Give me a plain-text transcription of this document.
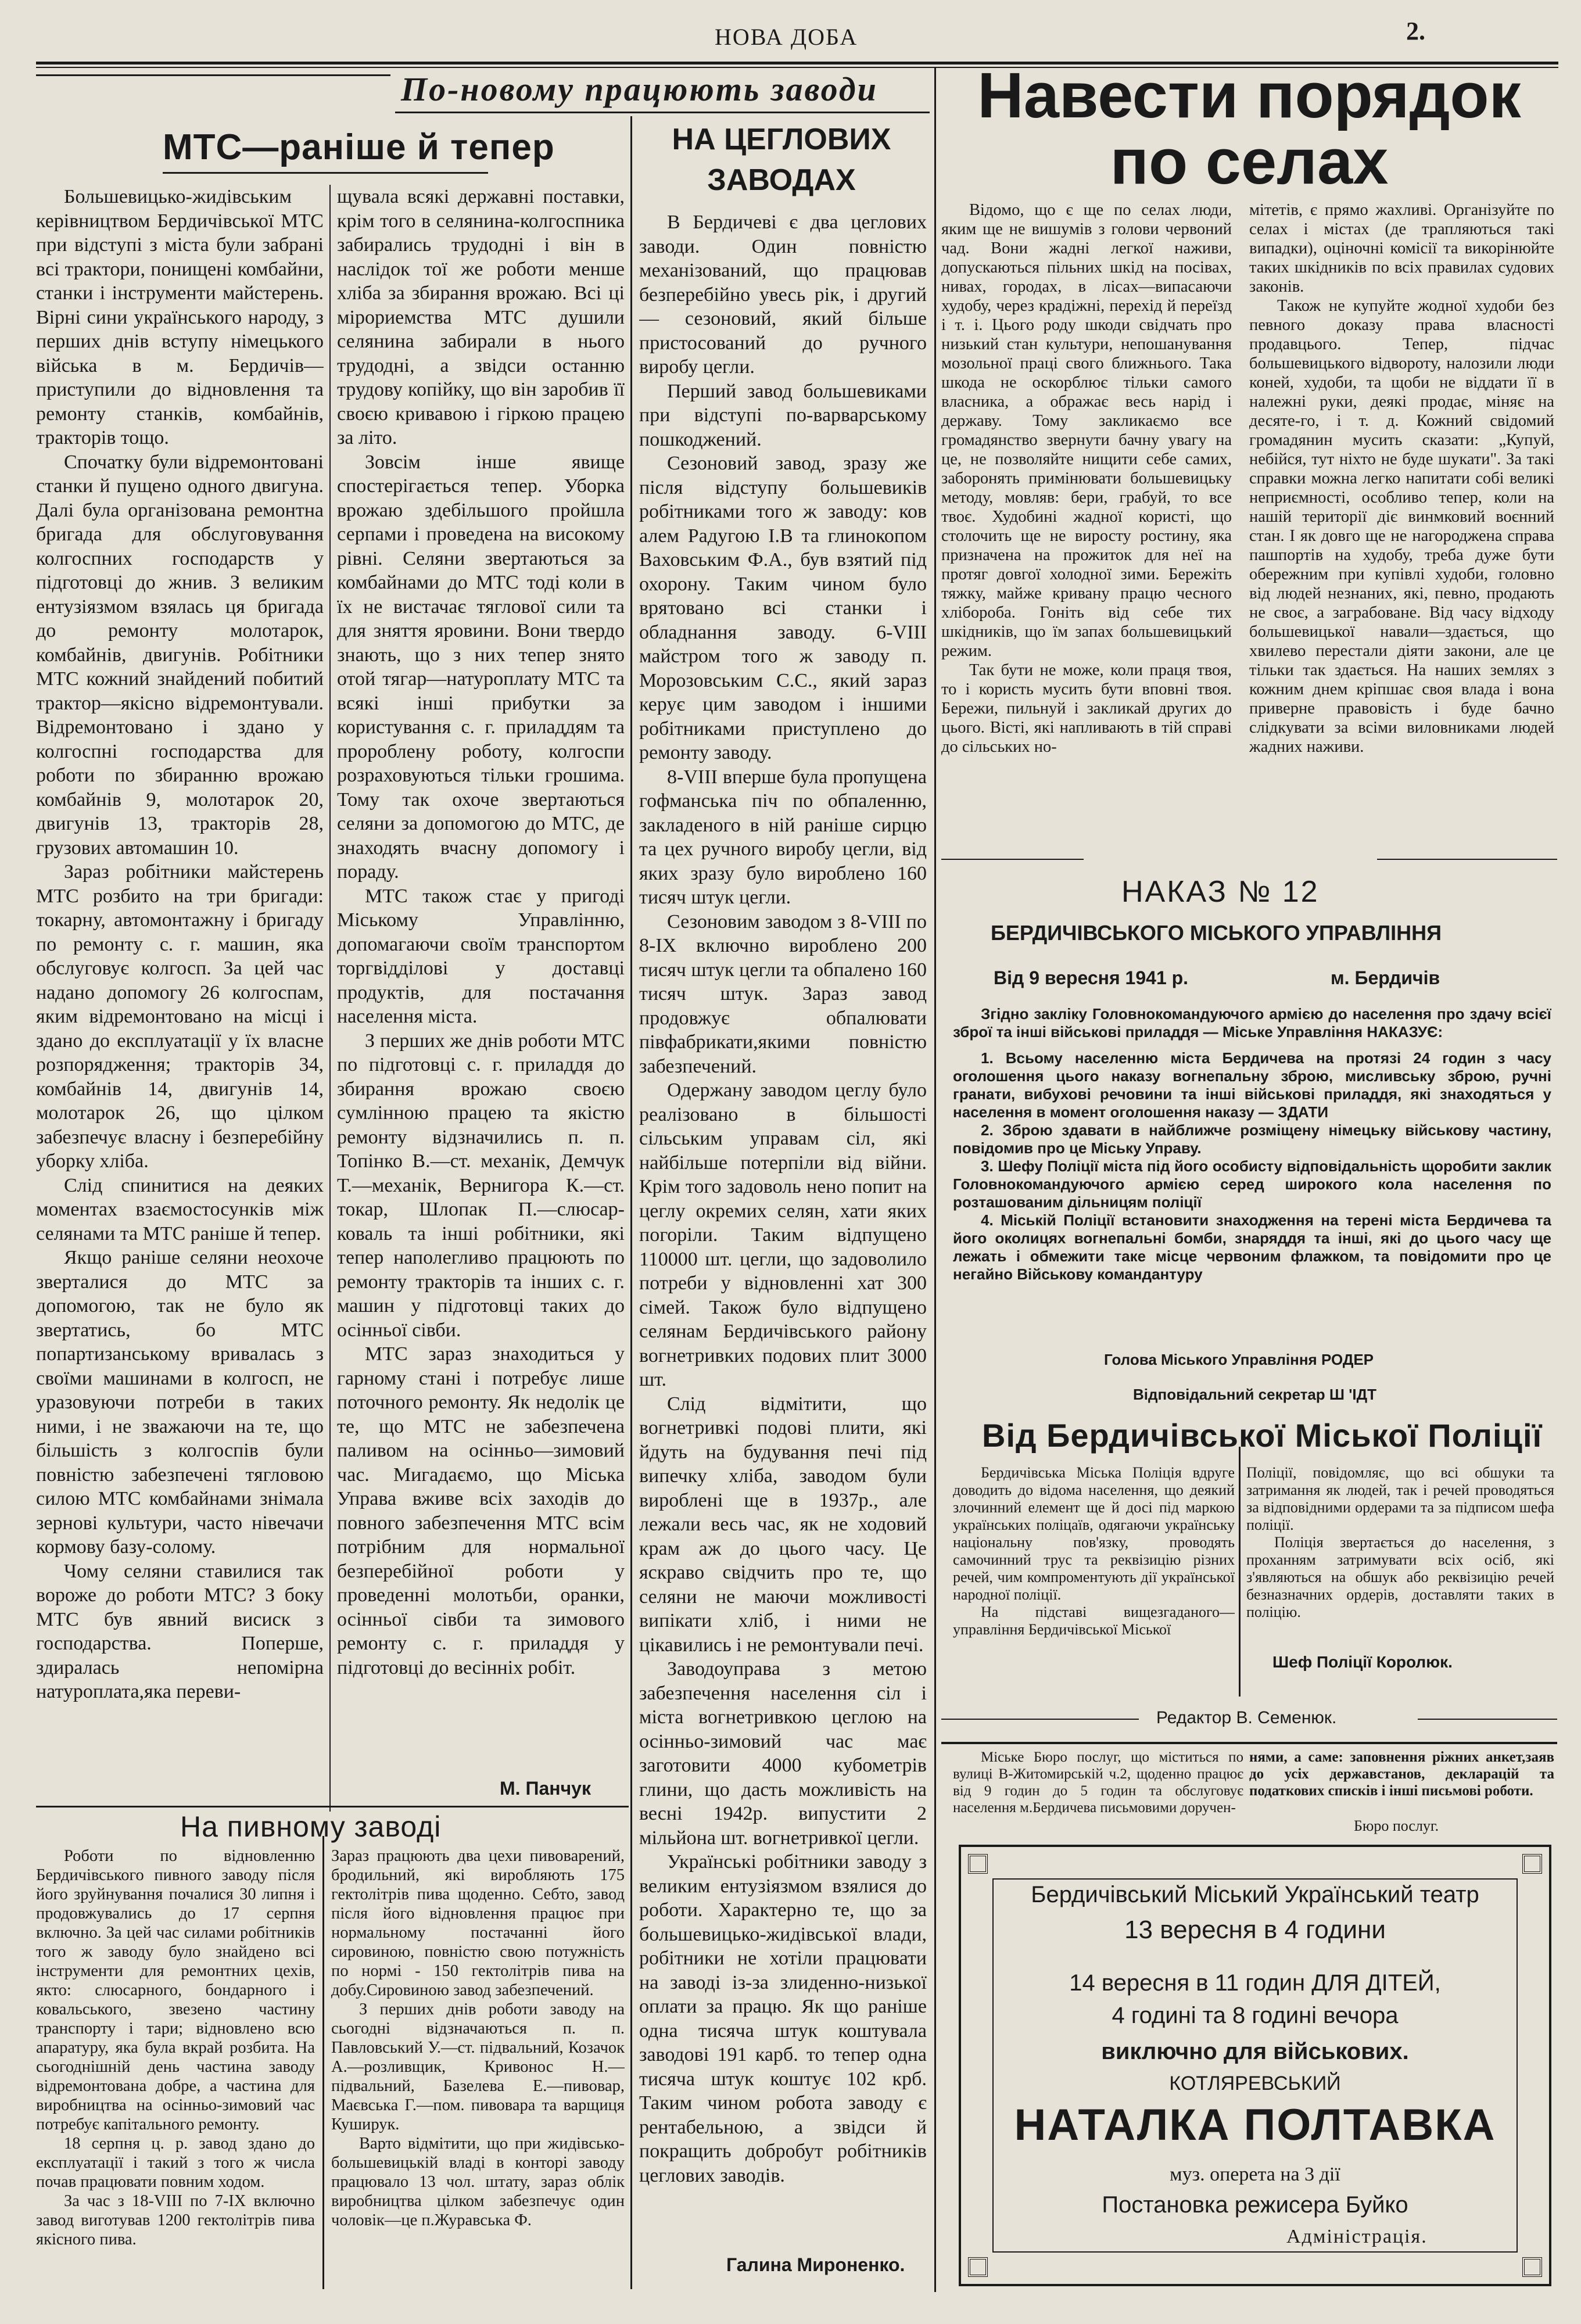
НОВА ДОБА	2.
По-новому працюють заводи
МТС—раніше й тепер

Большевицько-жидівським керівництвом Бердичівської МТС при відступі з міста були забрані всі трактори, понищені комбайни, станки і інструменти майстерень. Вірні сини українського народу, з перших днів вступу німецького війська в м. Бердичів—приступили до відновлення та ремонту станків, комбайнів, тракторів тощо.

Спочатку були відремонтовані станки й пущено одного двигуна. Далі була організована ремонтна бригада для обслуговування колгоспних господарств у підготовці до жнив. З великим ентузіязмом взялась ця бригада до ремонту молотарок, комбайнів, двигунів. Робітники МТС кожний знайдений побитий трактор—якісно відремонтували. Відремонтовано і здано у колгоспні господарства для роботи по збиранню врожаю комбайнів 9, молотарок 20, двигунів 13, тракторів 28, грузових автомашин 10.

Зараз робітники майстерень МТС розбито на три бригади: токарну, автомонтажну і бригаду по ремонту с. г. машин, яка обслуговує колгосп. За цей час надано допомогу 26 колгоспам, яким відремонтовано на місці і здано до експлуатації у їх власне розпорядження; тракторів 34, комбайнів 14, двигунів 14, молотарок 26, що цілком забезпечує власну і безперебійну уборку хліба.

Слід спинитися на деяких моментах взаємостосунків між селянами та МТС раніше й тепер.

Якщо раніше селяни неохоче зверталися до МТС за допомогою, так не було як звертатись, бо МТС попартизанському вривалась з своїми машинами в колгосп, не уразовуючи потреби в таких ними, і не зважаючи на те, що більшість з колгоспів були повністю забезпечені тягловою силою МТС комбайнами знімала зернові культури, часто нівечачи кормову базу-солому.

Чому селяни ставилися так вороже до роботи МТС? З боку МТС був явний висиск з господарства. Поперше, здиралась непомірна натуроплата,яка переви-

щувала всякі державні поставки, крім того в селянина-колгоспника забирались трудодні і він в наслідок тої же роботи менше хліба за збирання врожаю. Всі ці мірориемства МТС душили селянина забирали в нього трудодні, а звідси останню трудову копійку, що він заробив її своєю кривавою і гіркою працею за літо.

Зовсім інше явище спостерігається тепер. Уборка врожаю здебільшого пройшла серпами і проведена на високому рівні. Селяни звертаються за комбайнами до МТС тоді коли в їх не вистачає тяглової сили та для зняття яровини. Вони твердо знають, що з них тепер знято отой тягар—натуроплату МТС та всякі інші прибутки за користування с. г. приладдям та пророблену роботу, колгоспи розраховуються тільки грошима. Тому так охоче звертаються селяни за допомогою до МТС, де знаходять вчасну допомогу і пораду.

МТС також стає у пригоді Міському Управлінню, допомагаючи своїм транспортом торгвідділові у доставці продуктів, для постачання населення міста.

З перших же днів роботи МТС по підготовці с. г. приладдя до збирання врожаю своєю сумлінною працею та якістю ремонту відзначились п. п. Топінко В.—ст. механік, Демчук Т.—механік, Вернигора К.—ст. токар, Шлопак П.—слюсар-коваль та інші робітники, які тепер наполегливо працюють по ремонту тракторів та інших с. г. машин у підготовці таких до осінньої сівби.

МТС зараз знаходиться у гарному стані і потребує лише поточного ремонту. Як недолік це те, що МТС не забезпечена паливом на осінньо—зимовий час. Мигадаємо, що Міська Управа вживе всіх заходів до повного забезпечення МТС всім потрібним для нормальної безперебійної роботи у проведенні молотьби, оранки, осінньої сівби та зимового ремонту с. г. приладдя у підготовці до весінніх робіт.

М. Панчук
На пивному заводі

Роботи по відновленню Бердичівського пивного заводу після його зруйнування почалися 30 липня і продовжувались до 17 серпня включно. За цей час силами робітників того ж заводу було знайдено всі інструменти для ремонтних цехів, якто: слюсарного, бондарного і ковальського, звезено частину транспорту і тари; відновлено всю апаратуру, яка була вкрай розбита. На сьогоднішній день частина заводу відремонтована добре, а частина для виробництва на осінньо-зимовий час потребує капітального ремонту.

18 серпня ц. р. завод здано до експлуатації і такий з того ж числа почав працювати повним ходом.

За час з 18-VIII по 7-IX включно завод виготував 1200 гектолітрів пива якісного пива.

Зараз працюють два цехи пивоварений, бродильний, які виробляють 175 гектолітрів пива щоденно. Себто, завод після його відновлення працює при нормальному постачанні його сировиною, повністю свою потужність по нормі - 150 гектолітрів пива на добу.Сировиною завод забезпечений.

З перших днів роботи заводу на сьогодні відзначаються п. п. Павловський У.—ст. підвальний, Козачок А.—розливщик, Кривонос Н.—підвальний, Базелева Е.—пивовар, Маєвська Г.—пом. пивовара та варщиця Куширук.

Варто відмітити, що при жидівсько-большевицькій владі в конторі заводу працювало 13 чол. штату, зараз облік виробництва цілком забезпечує один чоловік—це п.Журавська Ф.

НА ЦЕГЛОВИХ ЗАВОДАХ

В Бердичеві є два цеглових заводи. Один повністю механізований, що працював безперебійно увесь рік, і другий — сезоновий, який більше пристосований до ручного виробу цегли.

Перший завод большевиками при відступі по-варварському пошкоджений.

Сезоновий завод, зразу же після відступу большевиків робітниками того ж заводу: ков алем Радугою І.В та глинокопом Ваховським Ф.А., був взятий під охорону. Таким чином було врятовано всі станки і обладнання заводу. 6-VIII майстром того ж заводу п. Морозовським С.С., який зараз керує цим заводом і іншими робітниками приступлено до ремонту заводу.

8-VIII вперше була пропущена гофманська піч по обпаленню, закладеного в ній раніше сирцю та цех ручного виробу цегли, від яких зразу було вироблено 160 тисяч штук цегли.

Сезоновим заводом з 8-VIII по 8-IX включно вироблено 200 тисяч штук цегли та обпалено 160 тисяч штук. Зараз завод продовжує обпалювати півфабрикати,якими повністю забезпечений.

Одержану заводом цеглу було реалізовано в більшості сільським управам сіл, які найбільше потерпіли від війни. Крім того задоволь нено попит на цеглу окремих селян, хати яких погоріли. Таким відпущено 110000 шт. цегли, що задоволило потреби у відновленні хат 300 сімей. Також було відпущено селянам Бердичівського району вогнетривких подових плит 3000 шт.

Слід відмітити, що вогнетривкі подові плити, які йдуть на будування печі під випечку хліба, заводом були вироблені ще в 1937р., але лежали весь час, як не ходовий крам аж до цього часу. Це яскраво свідчить про те, що селяни не маючи можливості випікати хліб, і ними не цікавились і не ремонтували печі.

Заводоуправа з метою забезпечення населення сіл і міста вогнетривкою цеглою на осінньо-зимовий час має заготовити 4000 кубометрів глини, що дасть можливість на весні 1942р. випустити 2 мільйона шт. вогнетривкої цегли.

Українські робітники заводу з великим ентузіязмом взялися до роботи. Характерно те, що за большевицько-жидівської влади, робітники не хотіли працювати на заводі із-за злиденно-низької оплати за працю. Як що раніше одна тисяча штук коштувала заводові 191 карб. то тепер одна тисяча штук коштує 102 крб. Таким чином робота заводу є рентабельною, а звідси й покращить добробут робітників цеглових заводів.

Галина Мироненко.
Навести порядок по селах

Відомо, що є ще по селах люди, яким ще не вишумів з голови червоний чад. Вони жадні легкої наживи, допускаються пільних шкід на посівах, нивах, городах, в лісах—випасаючи худобу, через крадіжні, перехід й переїзд і т. і. Цього роду шкоди свідчать про низький стан культури, непошанування мозольної праці свого ближнього. Така шкода не оскорблює тільки самого власника, а ображає весь нарід і державу. Тому закликаємо все громадянство звернути бачну увагу на це, не позволяйте нищити себе самих, заборонять примінювати большевицьку методу, мовляв: бери, грабуй, то все твоє. Худобині жадної користі, що столочить ще не виросту ростину, яка призначена на прожиток для неї на протяг довгої холодної зими. Бережіть тяжку, майже кривану працю чесного хліборoба. Гоніть від себе тих шкідників, що їм запах большевицький режим.

Так бути не може, коли праця твоя, то і користь мусить бути вповні твоя. Бережи, пильнуй і закликай других до цього. Вісті, які напливають в тій справі до сільських но-

мітетів, є прямо жахливі. Організуйте по селах і містах (де трапляються такі випадки), оціночні комісії та викорінюйте таких шкідників по всіх правилах судових законів.

Також не купуйте жодної худоби без певного доказу права власності продавцього. Тепер, підчас большевицького відвороту, налозили люди коней, худоби, та щоби не віддати її в належні руки, деякі продає, міняє на десяте-го, і т. д. Кожний свідомий громадянин мусить сказати: „Купуй, небійся, тут ніхто не буде шукати". За такі справки можна легко напитати собі великі неприємності, особливо тепер, коли на нашій території діє винмковий воєнний стан. І як довго ще не нагороджена справа пашпортів на худобу, треба дуже бути обережним при купівлі худоби, головно від людей незнаних, які, певно, продають не своє, а заграбоване. Від часу відходу большевицької навали—здається, що хвилево перестали діяти закони, але це тільки так здається. На наших землях з кожним днем кріпшає своя влада і вона приверне правовість і буде бачно слідкувати за всіми виловниками людей жадних наживи.

НАКАЗ № 12
БЕРДИЧІВСЬКОГО МІСЬКОГО УПРАВЛІННЯ
Від 9 вересня 1941 р.	м. Бердичів

Згідно закліку Головнокомандуючого армією до населення про здачу всієї зброї та інші військові приладдя — Міське Управління НАКАЗУЄ:

1. Всьому населенню міста Бердичева на протязі 24 годин з часу оголошення цього наказу вогнепальну зброю, мисливську зброю, ручні гранати, вибухові речовини та інші військові приладдя, які знаходяться у населення в момент оголошення наказу — ЗДАТИ

2. Зброю здавати в найближче розміщену німецьку військову частину, повідомив про це Міську Управу.

3. Шефу Поліції міста під його особисту відповідальність щоробити заклик Головнокомандуючого армією серед широкого кола населення по розташованим дільницям поліції

4. Міській Поліції встановити знаходження на терені міста Бердичева та його околицях вогнепальні бомби, знаряддя та інші, які до цього часу ще лежать і обмежити таке місце червоним флажком, та повідомити про це негайно Військову командантуру

Голова Міського Управління РОДЕР
Відповідальний секретар Ш 'ІДТ
Від Бердичівської Міської Поліції

Бердичівська Міська Поліція вдруге доводить до відома населення, що деякий злочинний елемент ще й досі під маркою українських поліцаїв, одягаючи українську національну пов'язку, проводять самочинний трус та реквізицію різних речей, чим компроментують дії української народної поліції.

На підставі вищезгаданого—управління Бердичівської Міської

Поліції, повідомляє, що всі обшуки та затримання як людей, так і речей проводяться за відповідними ордерами та за підписом шефа поліції.

Поліція звертається до населення, з проханням затримувати всіх осіб, які з'являються на обшук або реквізицію речей безназначних ордерів, доставляти таких в поліцію.

Шеф Поліції Королюк.
Редактор В. Семенюк.

Міське Бюро послуг, що міститься по вулиці В-Житомирській ч.2, щоденно працює від 9 годин до 5 годин та обслуговує населення м.Бердичева письмовими доручен-

нями, а саме: заповнення ріжних анкет,заяв до усіх державстанов, декларацій та податкових списків і інші письмові роботи.

Бюро послуг.
Бердичівський Міський Український театр
13 вересня в 4 години
14 вересня в 11 годин ДЛЯ ДІТЕЙ,
4 годині та 8 годині вечора
виключно для військових.
КОТЛЯРЕВСЬКИЙ
НАТАЛКА ПОЛТАВКА
муз. оперета на 3 дії
Постановка режисера Буйко
Адміністрація.
